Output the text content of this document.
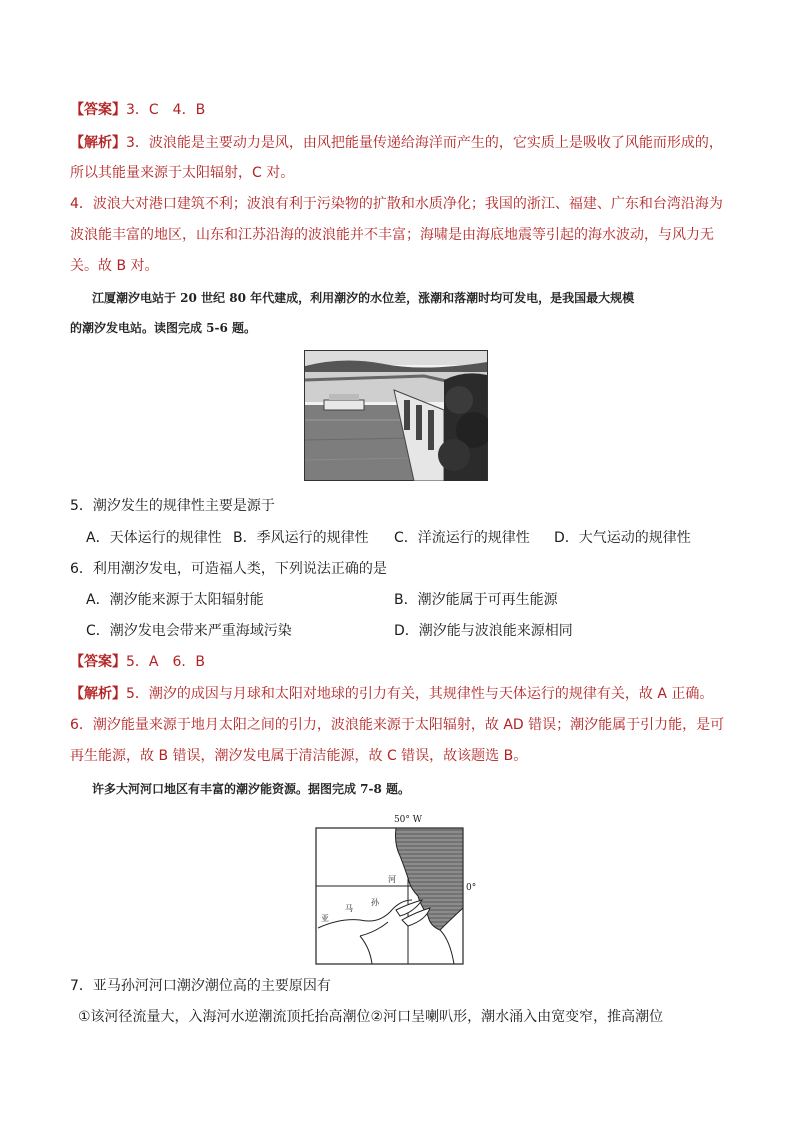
【答案】3．C　4．B
【解析】3．波浪能是主要动力是风，由风把能量传递给海洋而产生的，它实质上是吸收了风能而形成的，
所以其能量来源于太阳辐射，C 对。
4．波浪大对港口建筑不利；波浪有利于污染物的扩散和水质净化；我国的浙江、福建、广东和台湾沿海为
波浪能丰富的地区，山东和江苏沿海的波浪能并不丰富；海啸是由海底地震等引起的海水波动，与风力无
关。故 B 对。
江厦潮汐电站于 20 世纪 80 年代建成，利用潮汐的水位差，涨潮和落潮时均可发电，是我国最大规模
的潮汐发电站。读图完成 5-6 题。
5．潮汐发生的规律性主要是源于
A．天体运行的规律性 B．季风运行的规律性 C．洋流运行的规律性 D．大气运动的规律性
6．利用潮汐发电，可造福人类，下列说法正确的是
A．潮汐能来源于太阳辐射能	B．潮汐能属于可再生能源
C．潮汐发电会带来严重海域污染	D．潮汐能与波浪能来源相同
【答案】5．A　6．B
【解析】5．潮汐的成因与月球和太阳对地球的引力有关，其规律性与天体运行的规律有关，故 A 正确。
6．潮汐能量来源于地月太阳之间的引力，波浪能来源于太阳辐射，故 AD 错误；潮汐能属于引力能，是可
再生能源，故 B 错误，潮汐发电属于清洁能源，故 C 错误，故该题选 B。
许多大河河口地区有丰富的潮汐能资源。据图完成 7-8 题。
50° W
0°
亚
马
孙
河
7．亚马孙河河口潮汐潮位高的主要原因有
①该河径流量大，入海河水逆潮流顶托抬高潮位②河口呈喇叭形，潮水涌入由宽变窄，推高潮位
